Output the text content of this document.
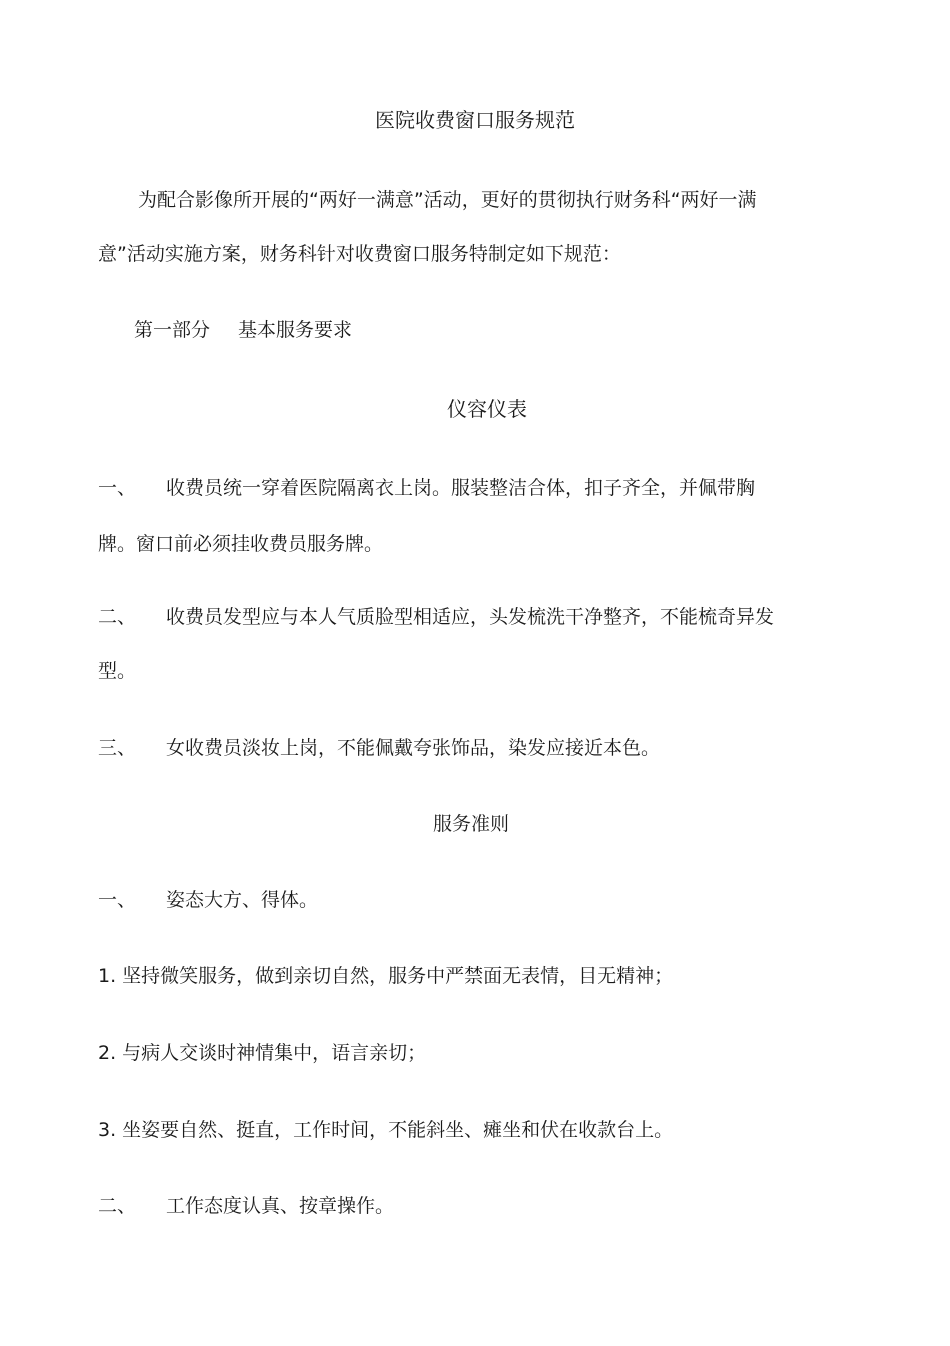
医院收费窗口服务规范
为配合影像所开展的“两好一满意”活动，更好的贯彻执行财务科“两好一满
意”活动实施方案，财务科针对收费窗口服务特制定如下规范：
第一部分 基本服务要求
仪容仪表
一、 收费员统一穿着医院隔离衣上岗。服装整洁合体，扣子齐全，并佩带胸
牌。窗口前必须挂收费员服务牌。
二、 收费员发型应与本人气质脸型相适应，头发梳洗干净整齐，不能梳奇异发
型。
三、 女收费员淡妆上岗，不能佩戴夸张饰品，染发应接近本色。
服务准则
一、 姿态大方、得体。
1. 坚持微笑服务，做到亲切自然，服务中严禁面无表情，目无精神；
2. 与病人交谈时神情集中，语言亲切；
3. 坐姿要自然、挺直，工作时间，不能斜坐、瘫坐和伏在收款台上。
二、 工作态度认真、按章操作。
